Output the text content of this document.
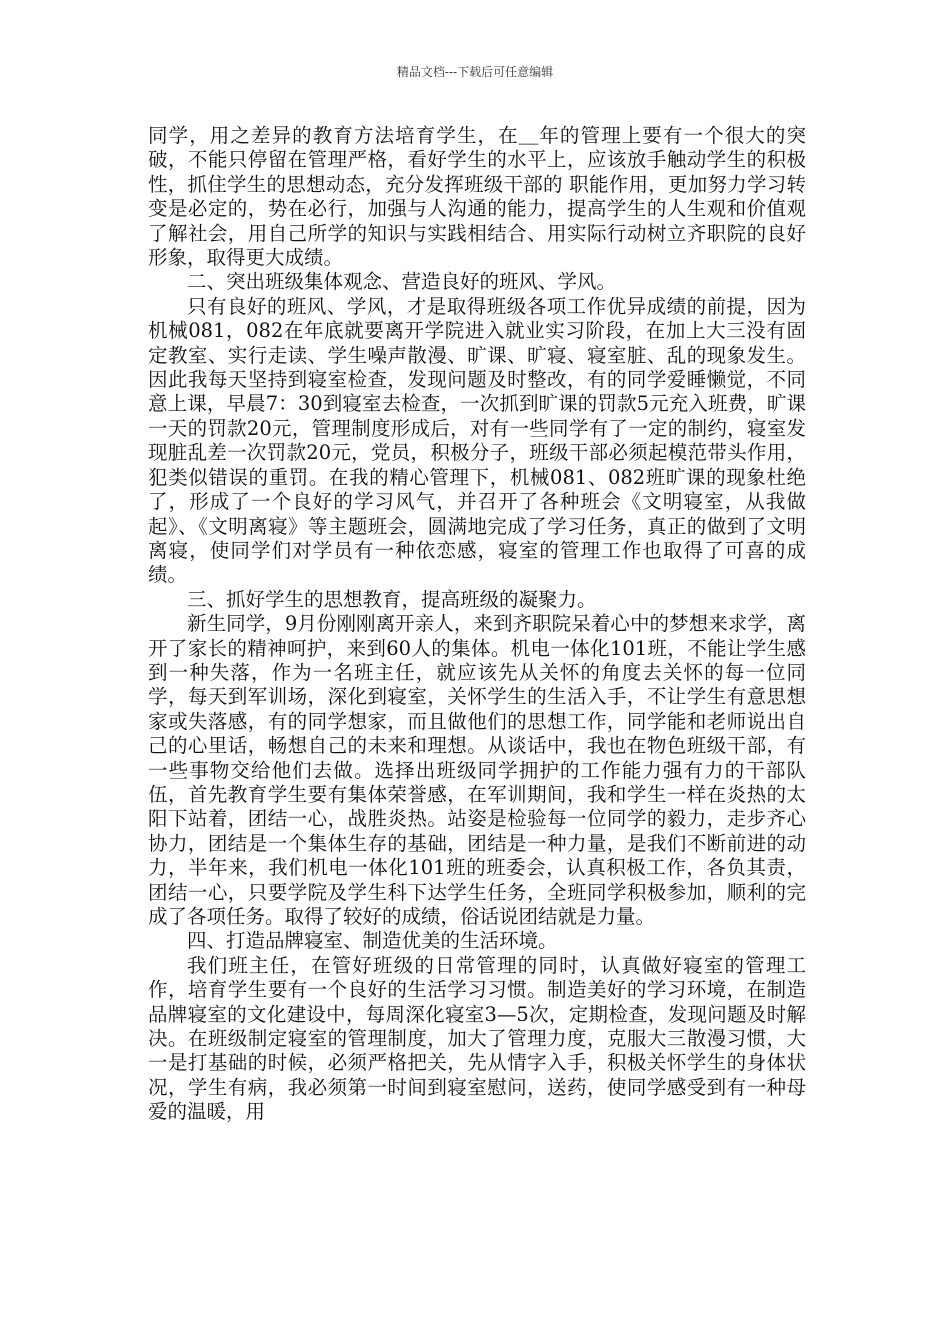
精品文档---下载后可任意编辑

同学，用之差异的教育方法培育学生，在＿年的管理上要有一个很大的突破，不能只停留在管理严格，看好学生的水平上，应该放手触动学生的积极性，抓住学生的思想动态，充分发挥班级干部的 职能作用，更加努力学习转变是必定的，势在必行，加强与人沟通的能力，提高学生的人生观和价值观了解社会，用自己所学的知识与实践相结合、用实际行动树立齐职院的良好形象，取得更大成绩。

二、突出班级集体观念、营造良好的班风、学风。

只有良好的班风、学风，才是取得班级各项工作优异成绩的前提，因为机械081，082在年底就要离开学院进入就业实习阶段，在加上大三没有固定教室、实行走读、学生噪声散漫、旷课、旷寝、寝室脏、乱的现象发生。因此我每天坚持到寝室检查，发现问题及时整改，有的同学爱睡懒觉，不同意上课，早晨7：30到寝室去检查，一次抓到旷课的罚款5元充入班费，旷课一天的罚款20元，管理制度形成后，对有一些同学有了一定的制约，寝室发现脏乱差一次罚款20元，党员，积极分子，班级干部必须起模范带头作用，犯类似错误的重罚。在我的精心管理下，机械081、082班旷课的现象杜绝了，形成了一个良好的学习风气，并召开了各种班会《文明寝室，从我做起》、《文明离寝》等主题班会，圆满地完成了学习任务，真正的做到了文明离寝，使同学们对学员有一种依恋感，寝室的管理工作也取得了可喜的成绩。

三、抓好学生的思想教育，提高班级的凝聚力。

新生同学，9月份刚刚离开亲人，来到齐职院呆着心中的梦想来求学，离开了家长的精神呵护，来到60人的集体。机电一体化101班，不能让学生感到一种失落，作为一名班主任，就应该先从关怀的角度去关怀的每一位同学，每天到军训场，深化到寝室，关怀学生的生活入手，不让学生有意思想家或失落感，有的同学想家，而且做他们的思想工作，同学能和老师说出自己的心里话，畅想自己的未来和理想。从谈话中，我也在物色班级干部，有一些事物交给他们去做。选择出班级同学拥护的工作能力强有力的干部队伍，首先教育学生要有集体荣誉感，在军训期间，我和学生一样在炎热的太阳下站着，团结一心，战胜炎热。站姿是检验每一位同学的毅力，走步齐心协力，团结是一个集体生存的基础，团结是一种力量，是我们不断前进的动力，半年来，我们机电一体化101班的班委会，认真积极工作，各负其责，团结一心，只要学院及学生科下达学生任务，全班同学积极参加，顺利的完成了各项任务。取得了较好的成绩，俗话说团结就是力量。

四、打造品牌寝室、制造优美的生活环境。

我们班主任，在管好班级的日常管理的同时，认真做好寝室的管理工作，培育学生要有一个良好的生活学习习惯。制造美好的学习环境，在制造品牌寝室的文化建设中，每周深化寝室3—5次，定期检查，发现问题及时解决。在班级制定寝室的管理制度，加大了管理力度，克服大三散漫习惯，大一是打基础的时候，必须严格把关，先从情字入手，积极关怀学生的身体状况，学生有病，我必须第一时间到寝室慰问，送药，使同学感受到有一种母爱的温暖，用
